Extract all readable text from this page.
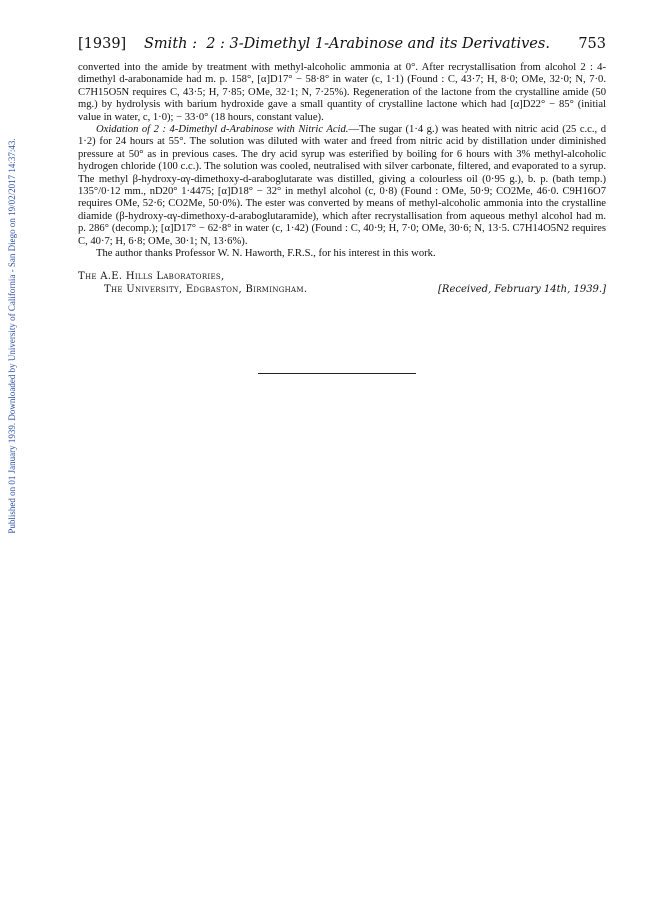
Published on 01 January 1939. Downloaded by University of California - San Diego on 19/02/2017 14:37:43.
[1939] Smith : 2 : 3-Dimethyl 1-Arabinose and its Derivatives. 753

converted into the amide by treatment with methyl-alcoholic ammonia at 0°. After recrystallisation from alcohol 2 : 4-dimethyl d-arabonamide had m. p. 158°, [α]D17° − 58·8° in water (c, 1·1) (Found : C, 43·7; H, 8·0; OMe, 32·0; N, 7·0. C7H15O5N requires C, 43·5; H, 7·85; OMe, 32·1; N, 7·25%). Regeneration of the lactone from the crystalline amide (50 mg.) by hydrolysis with barium hydroxide gave a small quantity of crystalline lactone which had [α]D22° − 85° (initial value in water, c, 1·0); − 33·0° (18 hours, constant value).

Oxidation of 2 : 4-Dimethyl d-Arabinose with Nitric Acid.—The sugar (1·4 g.) was heated with nitric acid (25 c.c., d 1·2) for 24 hours at 55°. The solution was diluted with water and freed from nitric acid by distillation under diminished pressure at 50° as in previous cases. The dry acid syrup was esterified by boiling for 6 hours with 3% methyl-alcoholic hydrogen chloride (100 c.c.). The solution was cooled, neutralised with silver carbonate, filtered, and evaporated to a syrup. The methyl β-hydroxy-αγ-dimethoxy-d-araboglutarate was distilled, giving a colourless oil (0·95 g.), b. p. (bath temp.) 135°/0·12 mm., nD20° 1·4475; [α]D18° − 32° in methyl alcohol (c, 0·8) (Found : OMe, 50·9; CO2Me, 46·0. C9H16O7 requires OMe, 52·6; CO2Me, 50·0%). The ester was converted by means of methyl-alcoholic ammonia into the crystalline diamide (β-hydroxy-αγ-dimethoxy-d-araboglutaramide), which after recrystallisation from aqueous methyl alcohol had m. p. 286° (decomp.); [α]D17° − 62·8° in water (c, 1·42) (Found : C, 40·9; H, 7·0; OMe, 30·6; N, 13·5. C7H14O5N2 requires C, 40·7; H, 6·8; OMe, 30·1; N, 13·6%).

The author thanks Professor W. N. Haworth, F.R.S., for his interest in this work.

The A.E. Hills Laboratories,
The University, Edgbaston, Birmingham.	[Received, February 14th, 1939.]
